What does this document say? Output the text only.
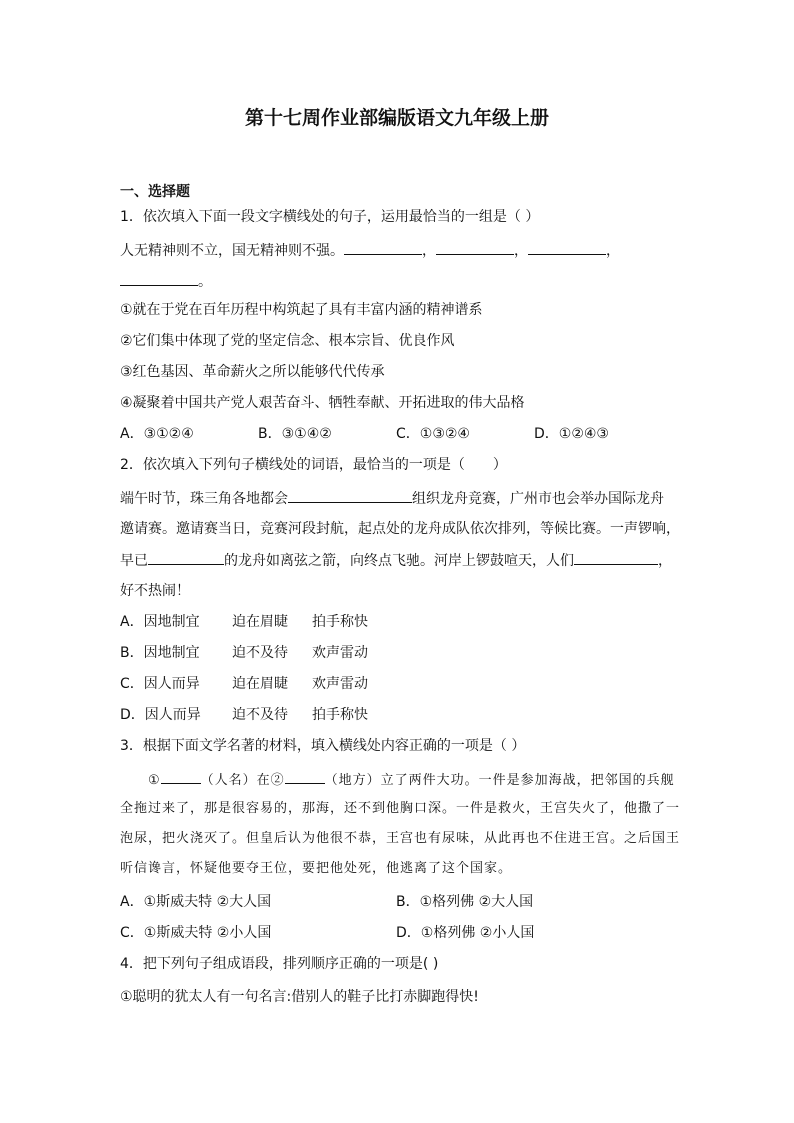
第十七周作业部编版语文九年级上册
一、选择题
1．依次填入下面一段文字横线处的句子，运用最恰当的一组是（ ）
人无精神则不立，国无精神则不强。	，	，	，
。
①就在于党在百年历程中构筑起了具有丰富内涵的精神谱系
②它们集中体现了党的坚定信念、根本宗旨、优良作风
③红色基因、革命薪火之所以能够代代传承
④凝聚着中国共产党人艰苦奋斗、牺牲奉献、开拓进取的伟大品格
A．③①②④	B．③①④②	C．①③②④	D．①②④③
2．依次填入下列句子横线处的词语，最恰当的一项是（　　）
端午时节，珠三角各地都会	组织龙舟竞赛，广州市也会举办国际龙舟
邀请赛。邀请赛当日，竞赛河段封航，起点处的龙舟成队依次排列，等候比赛。一声锣响，
早已	的龙舟如离弦之箭，向终点飞驰。河岸上锣鼓喧天，人们	，
好不热闹！
A．因地制宜 迫在眉睫 拍手称快
B．因地制宜 迫不及待 欢声雷动
C．因人而异 迫在眉睫 欢声雷动
D．因人而异 迫不及待 拍手称快
3．根据下面文学名著的材料，填入横线处内容正确的一项是（ ）
①	（人名）在②	（地方）立了两件大功。一件是参加海战，把邻国的兵舰
全拖过来了，那是很容易的，那海，还不到他胸口深。一件是救火，王宫失火了，他撒了一
泡尿，把火浇灭了。但皇后认为他很不恭，王宫也有尿味，从此再也不住进王宫。之后国王
听信谗言，怀疑他要夺王位，要把他处死，他逃离了这个国家。
A．①斯威夫特 ②大人国	B．①格列佛 ②大人国
C．①斯威夫特 ②小人国	D．①格列佛 ②小人国
4．把下列句子组成语段，排列顺序正确的一项是( )
①聪明的犹太人有一句名言:借别人的鞋子比打赤脚跑得快!
